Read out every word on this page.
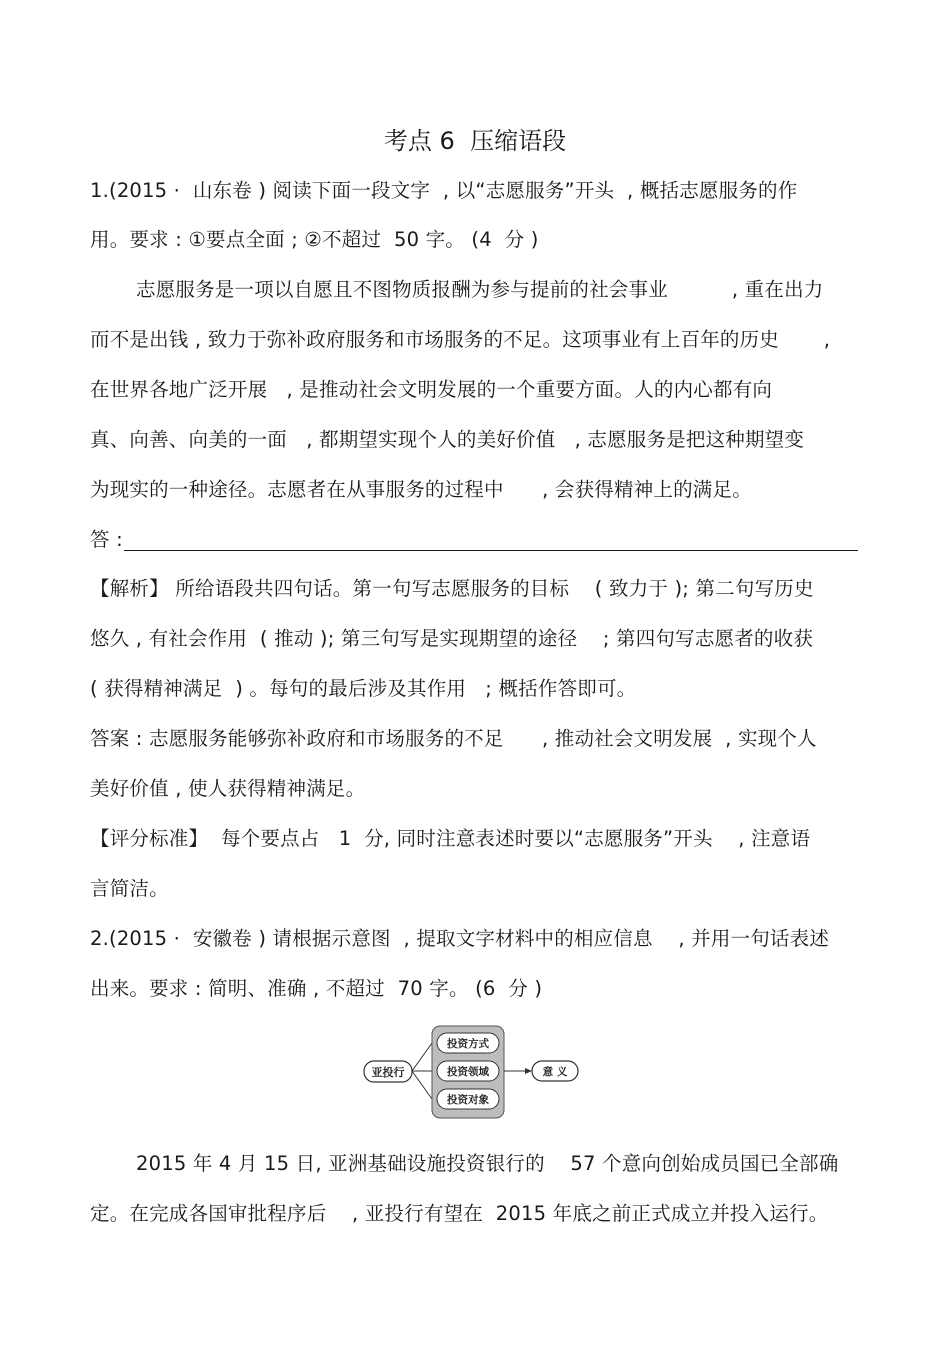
考点 6  压缩语段
1.(2015 ·  山东卷 ) 阅读下面一段文字  , 以“志愿服务”开头  , 概括志愿服务的作
用。要求 : ①要点全面 ; ②不超过  50 字。 (4  分 )
志愿服务是一项以自愿且不图物质报酬为参与提前的社会事业          , 重在出力
而不是出钱 , 致力于弥补政府服务和市场服务的不足。这项事业有上百年的历史       ,
在世界各地广泛开展   , 是推动社会文明发展的一个重要方面。人的内心都有向
真、向善、向美的一面   , 都期望实现个人的美好价值   , 志愿服务是把这种期望变
为现实的一种途径。志愿者在从事服务的过程中      , 会获得精神上的满足。
答 :
【解析】 所给语段共四句话。第一句写志愿服务的目标    ( 致力于 ); 第二句写历史
悠久 , 有社会作用  ( 推动 ); 第三句写是实现期望的途径    ; 第四句写志愿者的收获
( 获得精神满足  ) 。每句的最后涉及其作用   ; 概括作答即可。
答案 : 志愿服务能够弥补政府和市场服务的不足      , 推动社会文明发展  , 实现个人
美好价值 , 使人获得精神满足。
【评分标准】  每个要点占   1  分, 同时注意表述时要以“志愿服务”开头    , 注意语
言简洁。
2.(2015 ·  安徽卷 ) 请根据示意图  , 提取文字材料中的相应信息    , 并用一句话表述
出来。要求 : 简明、准确 , 不超过  70 字。 (6  分 )
亚投行
投资方式
投资领域
投资对象
意 义
2015 年 4 月 15 日, 亚洲基础设施投资银行的    57 个意向创始成员国已全部确
定。在完成各国审批程序后    , 亚投行有望在  2015 年底之前正式成立并投入运行。
